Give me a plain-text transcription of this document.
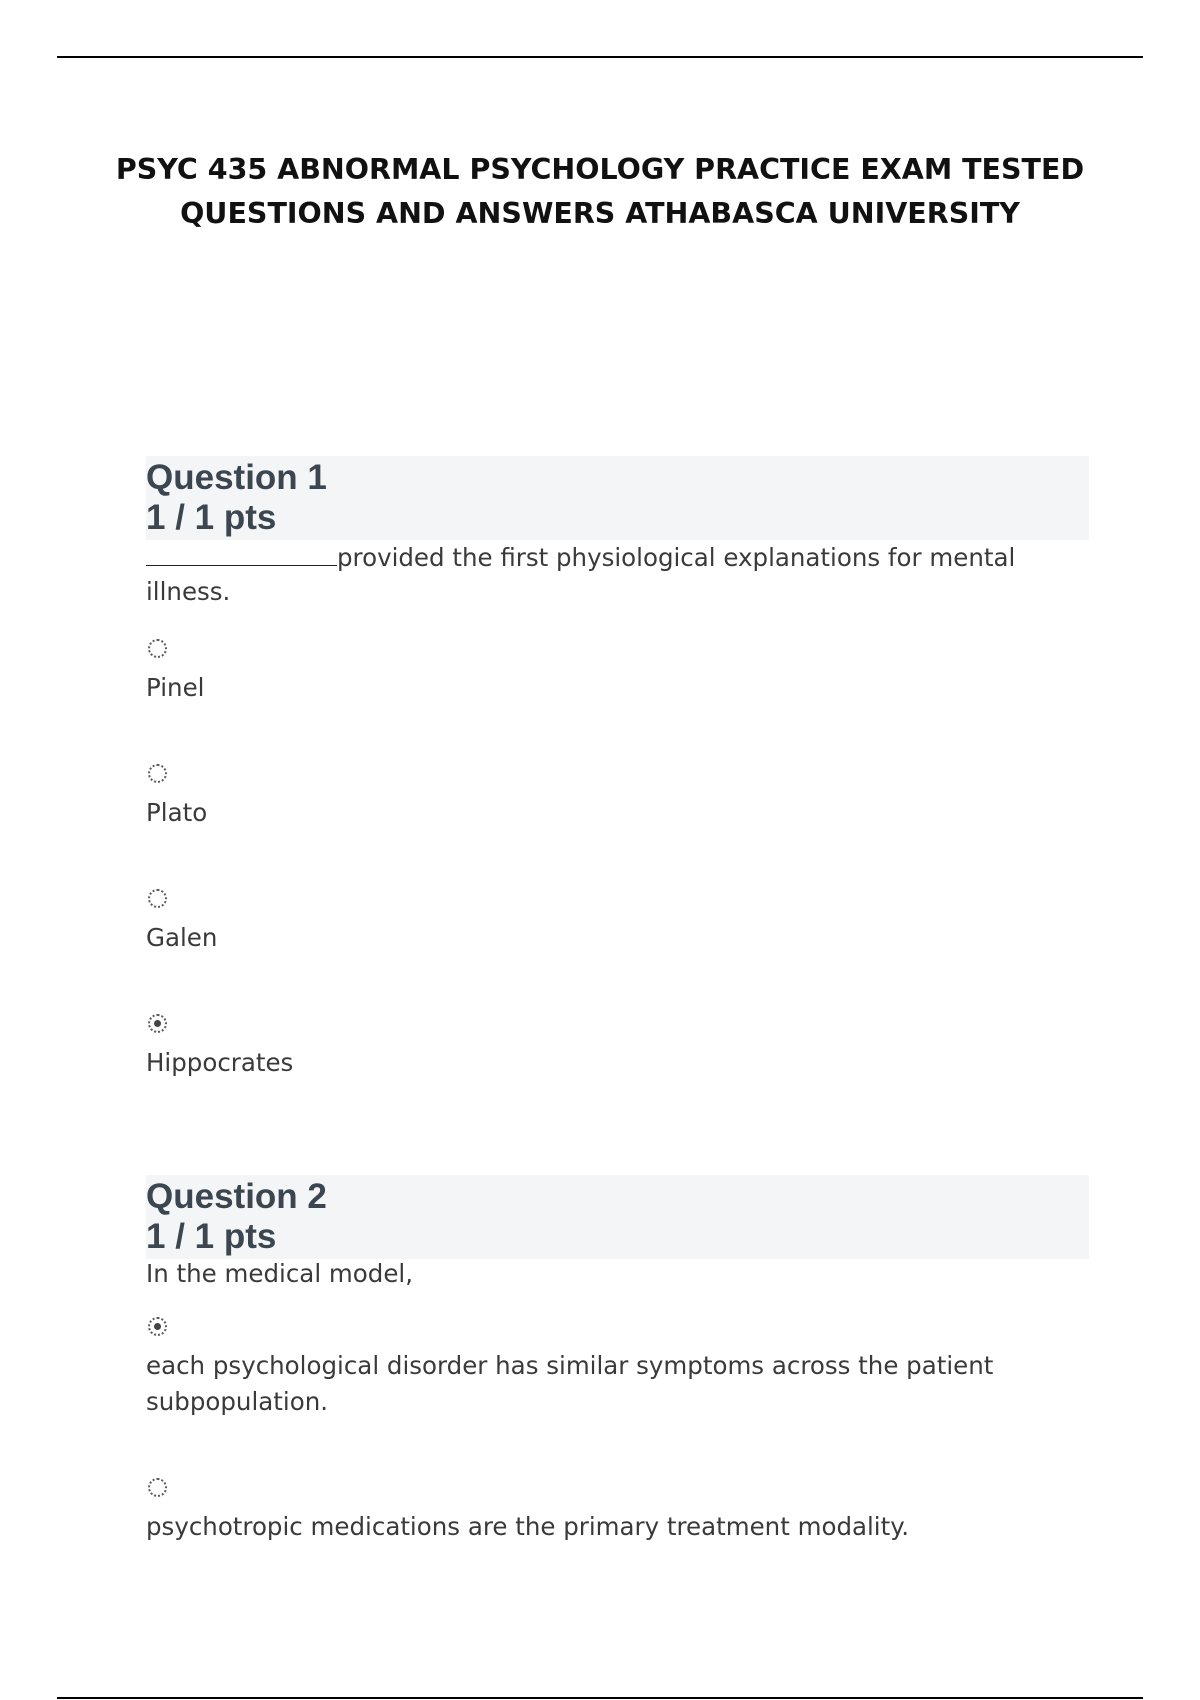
PSYC 435 ABNORMAL PSYCHOLOGY PRACTICE EXAM TESTED
QUESTIONS AND ANSWERS ATHABASCA UNIVERSITY
Question 1
1 / 1 pts
provided the first physiological explanations for mental
illness.
Pinel
Plato
Galen
Hippocrates
Question 2
1 / 1 pts
In the medical model,
each psychological disorder has similar symptoms across the patient
subpopulation.
psychotropic medications are the primary treatment modality.
